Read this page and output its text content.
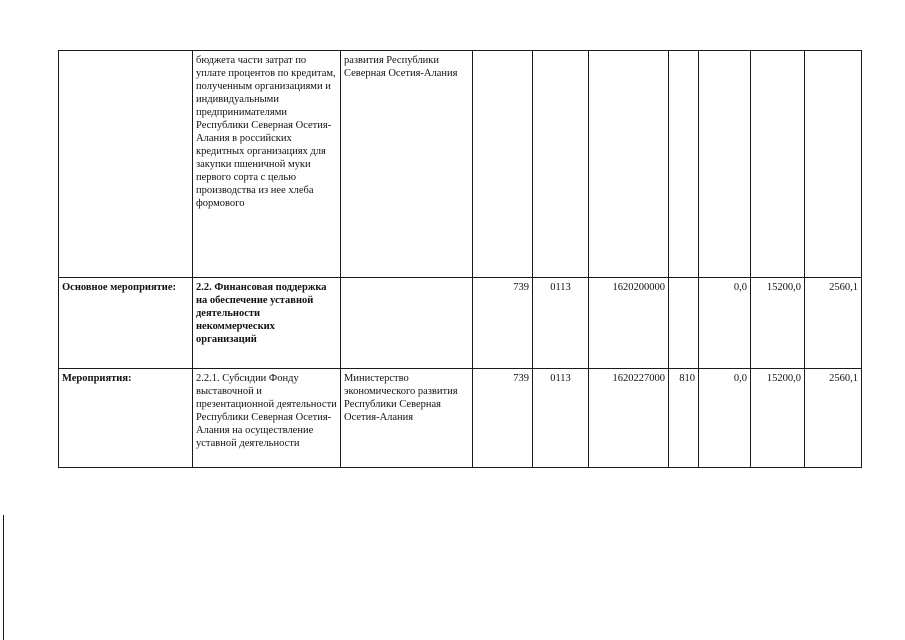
	бюджета части затрат по уплате процентов по кредитам, полученным организациями и индивидуальными предпринимателями Республики Северная Осетия-Алания в российских кредитных организациях для закупки пшеничной муки первого сорта с целью производства из нее хлеба формового	развития Республики Северная Осетия-Алания							
Основное мероприятие:	2.2. Финансовая поддержка на обеспечение уставной деятельности некоммерческих организаций		739	0113	1620200000		0,0	15200,0	2560,1
Мероприятия:	2.2.1. Субсидии Фонду выставочной и презентационной деятельности Республики Северная Осетия-Алания на осуществление уставной деятельности	Министерство экономического развития Республики Северная Осетия-Алания	739	0113	1620227000	810	0,0	15200,0	2560,1
